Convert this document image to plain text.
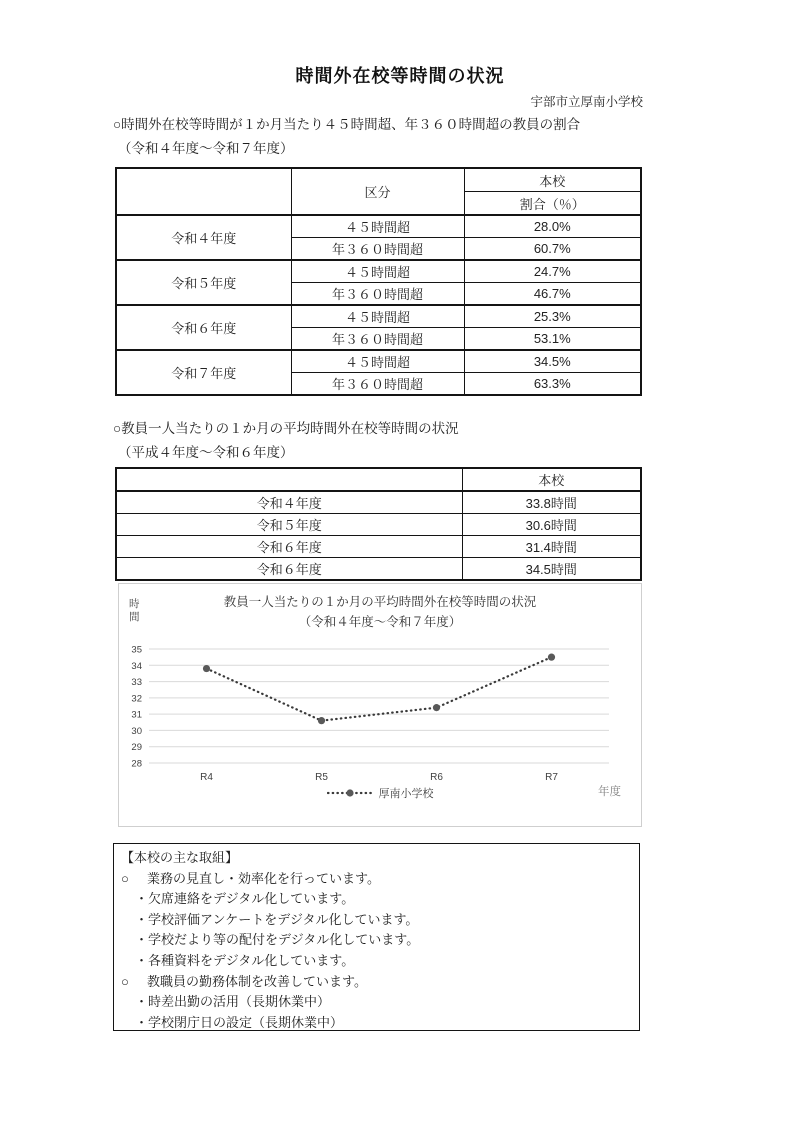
時間外在校等時間の状況
宇部市立厚南小学校
○時間外在校等時間が１か月当たり４５時間超、年３６０時間超の教員の割合
（令和４年度～令和７年度）
	区分	本校
		割合（％）
令和４年度	４５時間超	28.0%
	年３６０時間超	60.7%
令和５年度	４５時間超	24.7%
	年３６０時間超	46.7%
令和６年度	４５時間超	25.3%
	年３６０時間超	53.1%
令和７年度	４５時間超	34.5%
	年３６０時間超	63.3%
○教員一人当たりの１か月の平均時間外在校等時間の状況
（平成４年度～令和６年度）
	本校
令和４年度	33.8時間
令和５年度	30.6時間
令和６年度	31.4時間
令和６年度	34.5時間
教員一人当たりの１か月の平均時間外在校等時間の状況
（令和４年度～令和７年度）
時間
35
34
33
32
31
30
29
28
R4	R5	R6	R7
厚南小学校	年度
【本校の主な取組】
○ 業務の見直し・効率化を行っています。
・欠席連絡をデジタル化しています。
・学校評価アンケートをデジタル化しています。
・学校だより等の配付をデジタル化しています。
・各種資料をデジタル化しています。
○ 教職員の勤務体制を改善しています。
・時差出勤の活用（長期休業中）
・学校閉庁日の設定（長期休業中）
